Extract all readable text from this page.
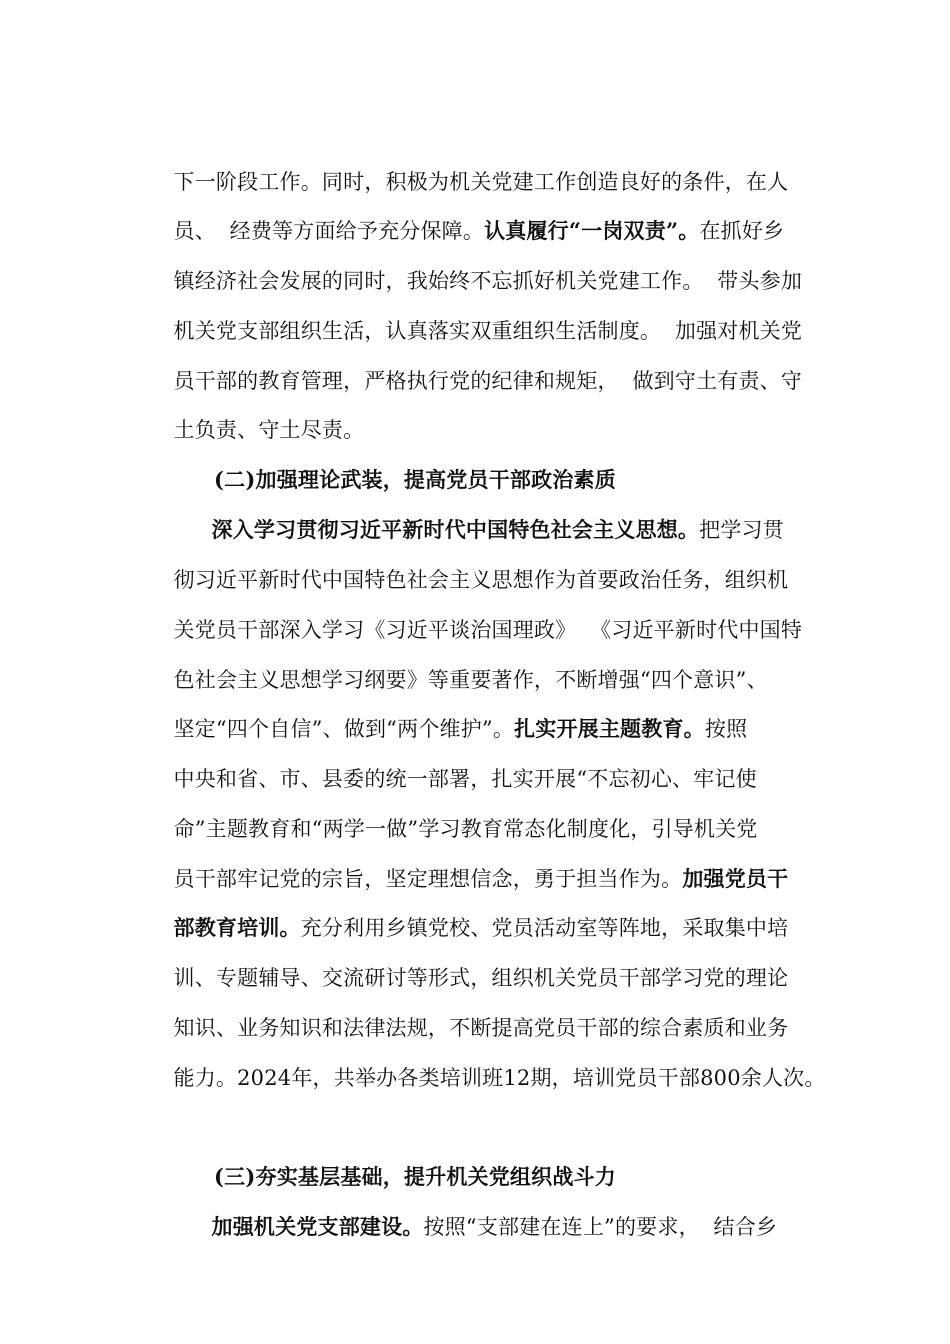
下一阶段工作。同时，积极为机关党建工作创造良好的条件，在人

员、  经费等方面给予充分保障。认真履行“一岗双责”。在抓好乡

镇经济社会发展的同时，我始终不忘抓好机关党建工作。  带头参加

机关党支部组织生活，认真落实双重组织生活制度。  加强对机关党

员干部的教育管理，严格执行党的纪律和规矩，  做到守土有责、守

土负责、守土尽责。

(二)加强理论武装，提高党员干部政治素质

深入学习贯彻习近平新时代中国特色社会主义思想。把学习贯

彻习近平新时代中国特色社会主义思想作为首要政治任务，组织机

关党员干部深入学习《习近平谈治国理政》  《习近平新时代中国特

色社会主义思想学习纲要》等重要著作，不断增强“四个意识”、

坚定“四个自信”、做到“两个维护”。扎实开展主题教育。按照

中央和省、市、县委的统一部署，扎实开展“不忘初心、牢记使

命”主题教育和“两学一做”学习教育常态化制度化，引导机关党

员干部牢记党的宗旨，坚定理想信念，勇于担当作为。加强党员干

部教育培训。充分利用乡镇党校、党员活动室等阵地，采取集中培

训、专题辅导、交流研讨等形式，组织机关党员干部学习党的理论

知识、业务知识和法律法规，不断提高党员干部的综合素质和业务

能力。2024年，共举办各类培训班12期，培训党员干部800余人次。

(三)夯实基层基础，提升机关党组织战斗力

加强机关党支部建设。按照“支部建在连上”的要求，  结合乡
